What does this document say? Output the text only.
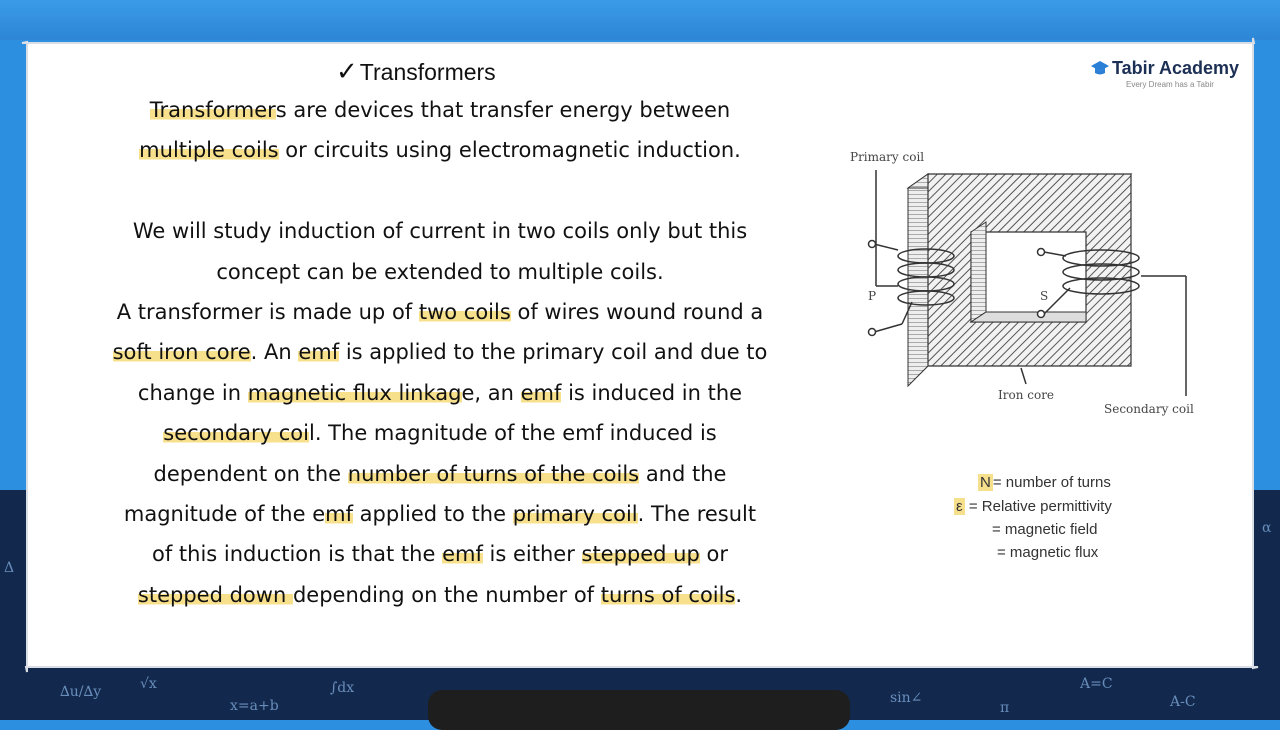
∆u/∆y	A=C
sin∠
x=a+b
∫dx
Δ
α
π	A-C
√x
✓Transformers	Tabir Academy
Every Dream has a Tabir
Transformers are devices that transfer energy between
multiple coils or circuits using electromagnetic induction.
We will study induction of current in two coils only but this
concept can be extended to multiple coils.
A transformer is made up of two coils of wires wound round a
soft iron core. An emf is applied to the primary coil and due to
change in magnetic flux linkage, an emf is induced in the
secondary coil. The magnitude of the emf induced is
dependent on the number of turns of the coils and the
magnitude of the emf applied to the primary coil. The result
of this induction is that the emf is either stepped up or
stepped down depending on the number of turns of coils.
Primary coil
P	S
Iron core
Secondary coil
N = number of turns
ε = Relative permittivity
= magnetic field
= magnetic flux
